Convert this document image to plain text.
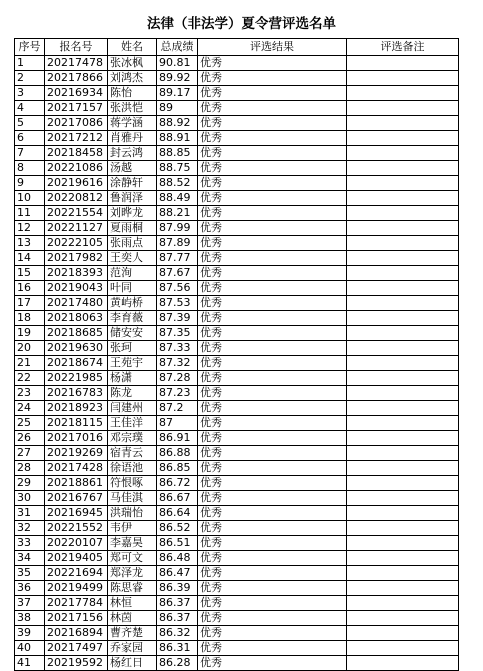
法律（非法学）夏令营评选名单
序号	报名号	姓名	总成绩	评选结果	评选备注
1	20217478	张冰枫	90.81	优秀	
2	20217866	刘鸿杰	89.92	优秀	
3	20216934	陈怡	89.17	优秀	
4	20217157	张洪恺	89	优秀	
5	20217086	蒋学涵	88.92	优秀	
6	20217212	肖雅丹	88.91	优秀	
7	20218458	封云鸿	88.85	优秀	
8	20221086	汤越	88.75	优秀	
9	20219616	涂静轩	88.52	优秀	
10	20220812	鲁润泽	88.49	优秀	
11	20221554	刘晔龙	88.21	优秀	
12	20221127	夏雨桐	87.99	优秀	
13	20222105	张雨点	87.89	优秀	
14	20217982	王奕人	87.77	优秀	
15	20218393	范洵	87.67	优秀	
16	20219043	叶同	87.56	优秀	
17	20217480	黄屿桥	87.53	优秀	
18	20218063	李育薇	87.39	优秀	
19	20218685	储安安	87.35	优秀	
20	20219630	张珂	87.33	优秀	
21	20218674	王苑宇	87.32	优秀	
22	20221985	杨潇	87.28	优秀	
23	20216783	陈龙	87.23	优秀	
24	20218923	闫建州	87.2	优秀	
25	20218115	王佳洋	87	优秀	
26	20217016	邓宗璞	86.91	优秀	
27	20219269	宿青云	86.88	优秀	
28	20217428	徐语池	86.85	优秀	
29	20218861	符恨啄	86.72	优秀	
30	20216767	马佳淇	86.67	优秀	
31	20216945	洪瑞怡	86.64	优秀	
32	20221552	韦伊	86.52	优秀	
33	20220107	李嘉昊	86.51	优秀	
34	20219405	郑可文	86.48	优秀	
35	20221694	郑泽龙	86.47	优秀	
36	20219499	陈思睿	86.39	优秀	
37	20217784	林恒	86.37	优秀	
38	20217156	林茵	86.37	优秀	
39	20216894	曹齐楚	86.32	优秀	
40	20217497	乔家园	86.31	优秀	
41	20219592	杨红日	86.28	优秀	
